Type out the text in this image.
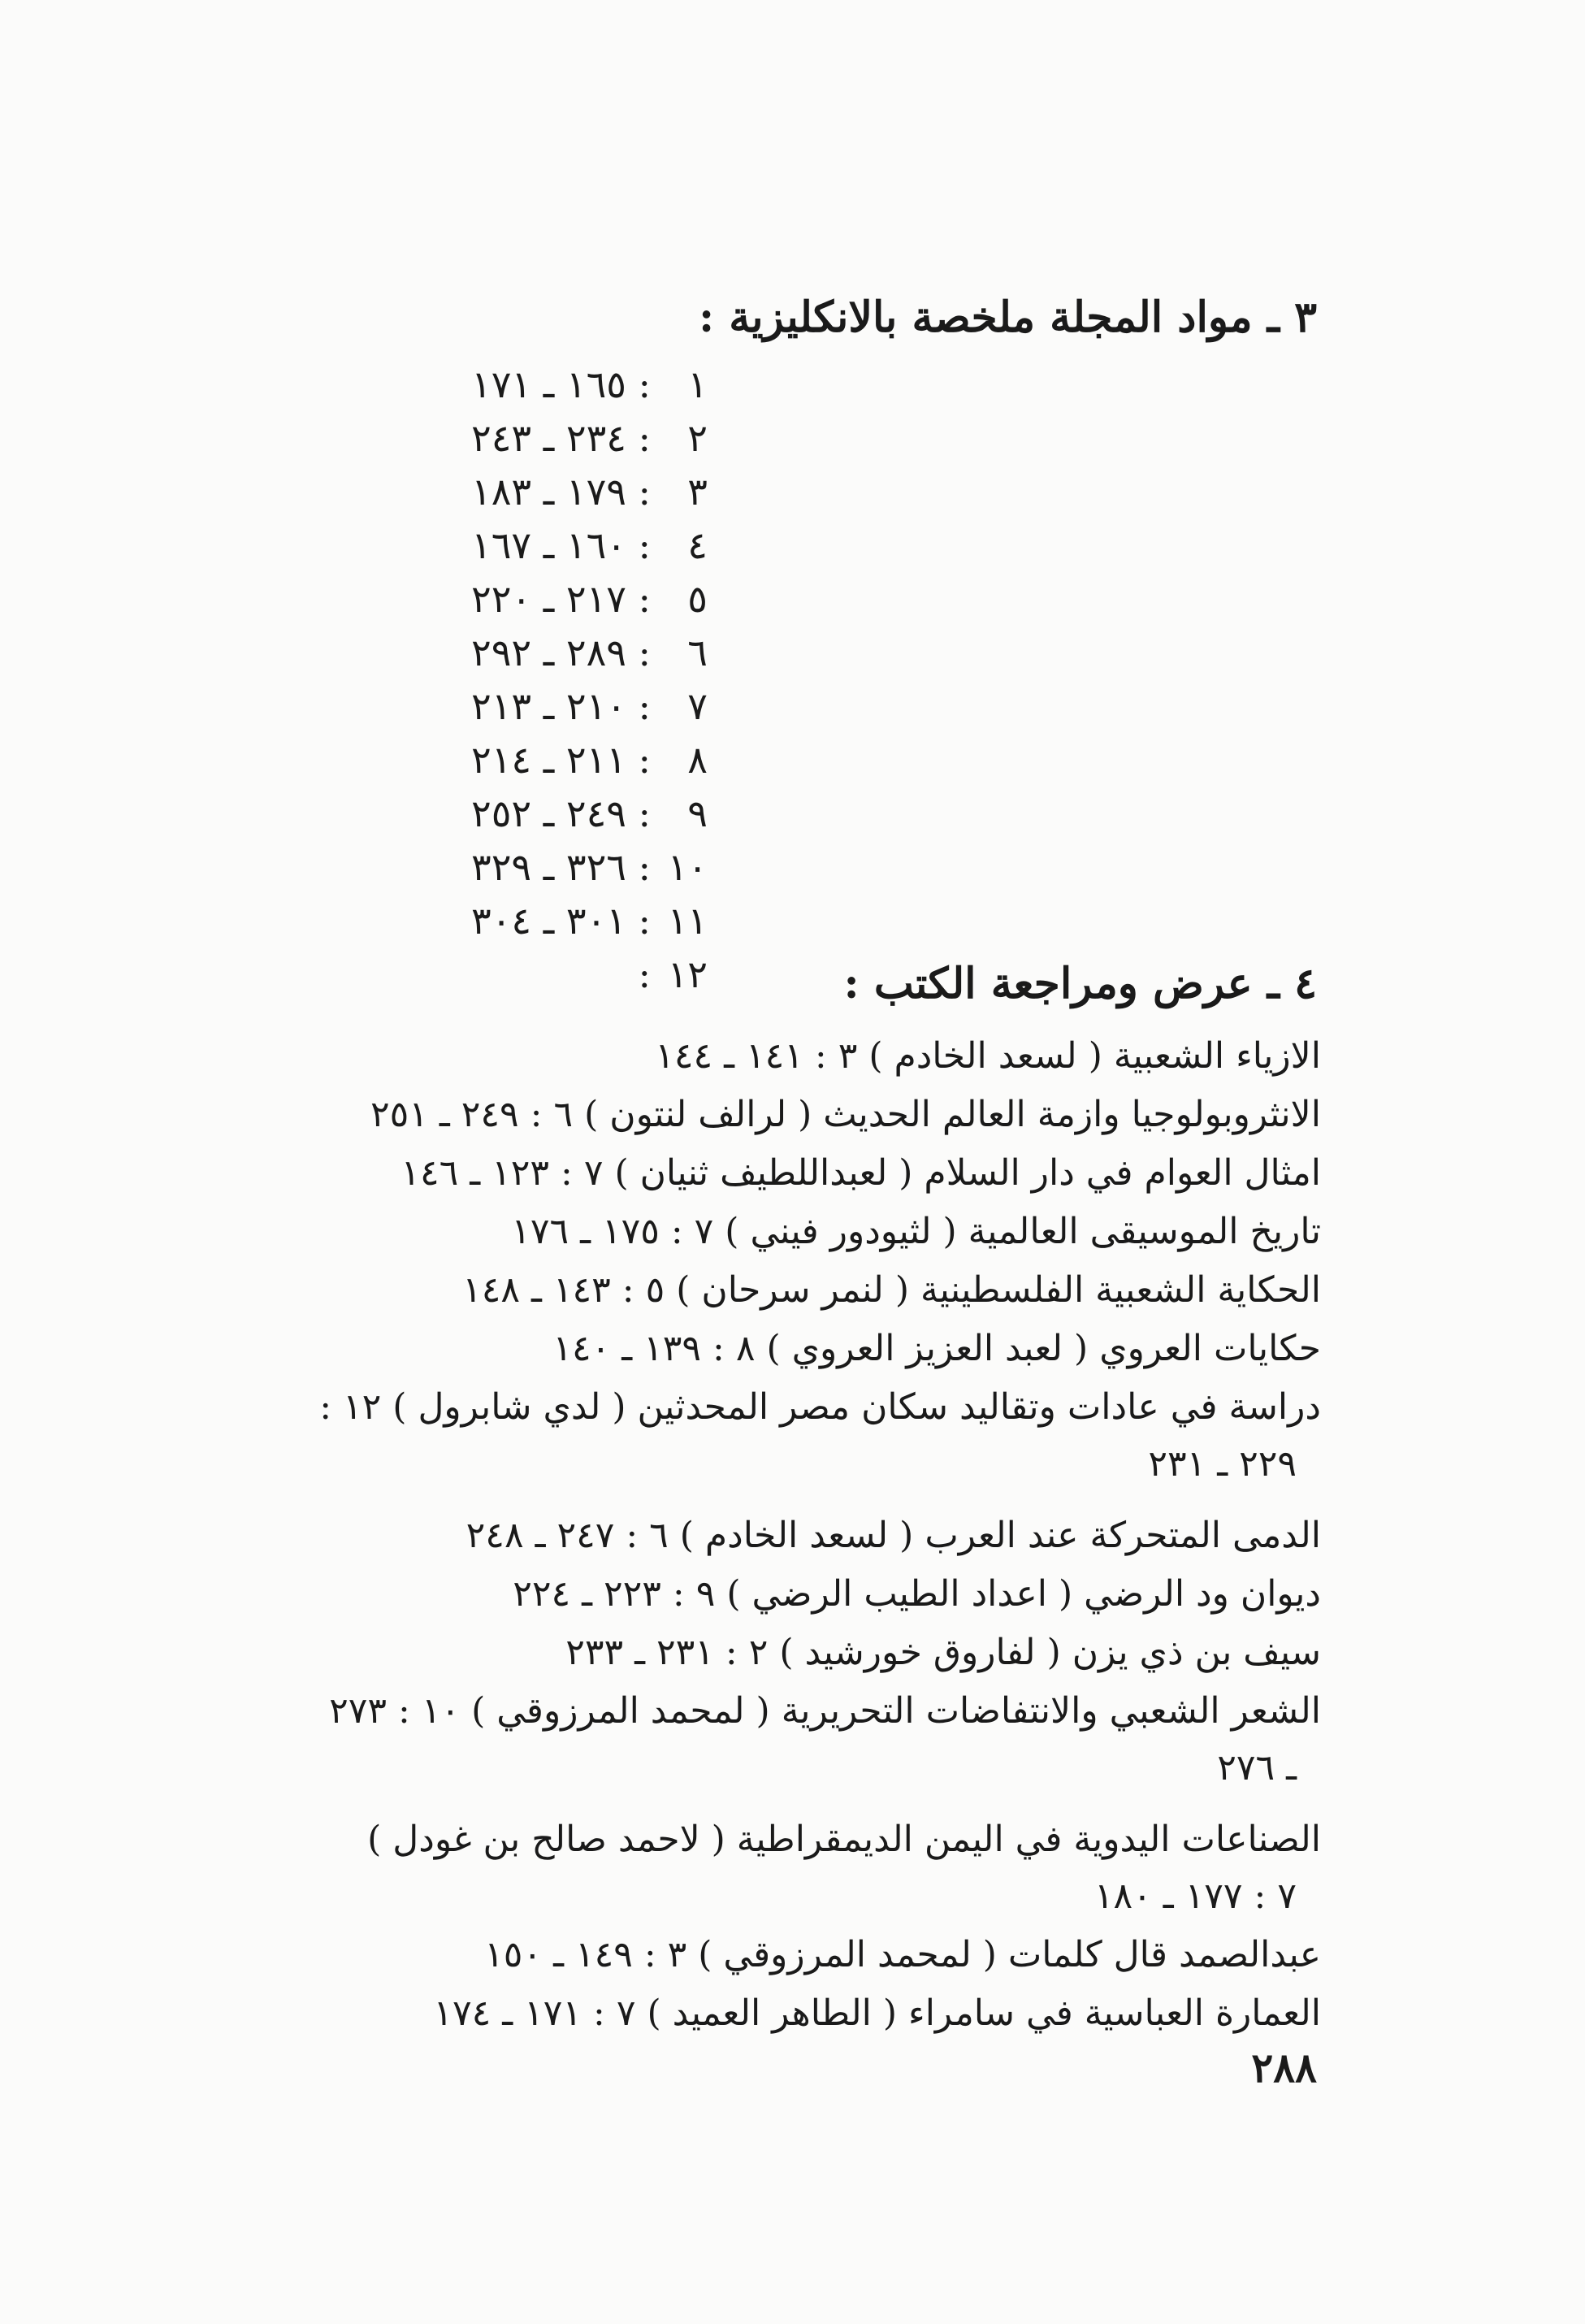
٣ ـ مواد المجلة ملخصة بالانكليزية :
١
:
١٦٥ ـ ١٧١
٢
:
٢٣٤ ـ ٢٤٣
٣
:
١٧٩ ـ ١٨٣
٤
:
١٦٠ ـ ١٦٧
٥
:
٢١٧ ـ ٢٢٠
٦
:
٢٨٩ ـ ٢٩٢
٧
:
٢١٠ ـ ٢١٣
٨
:
٢١١ ـ ٢١٤
٩
:
٢٤٩ ـ ٢٥٢
١٠
:
٣٢٦ ـ ٣٢٩
١١
:
٣٠١ ـ ٣٠٤
١٢
:	٤ ـ عرض ومراجعة الكتب :
الازياء الشعبية ( لسعد الخادم ) ٣ : ١٤١ ـ ١٤٤
الانثروبولوجيا وازمة العالم الحديث ( لرالف لنتون ) ٦ : ٢٤٩ ـ ٢٥١
امثال العوام في دار السلام ( لعبداللطيف ثنيان ) ٧ : ١٢٣ ـ ١٤٦
تاريخ الموسيقى العالمية ( لثيودور فيني ) ٧ : ١٧٥ ـ ١٧٦
الحكاية الشعبية الفلسطينية ( لنمر سرحان ) ٥ : ١٤٣ ـ ١٤٨
حكايات العروي ( لعبد العزيز العروي ) ٨ : ١٣٩ ـ ١٤٠
دراسة في عادات وتقاليد سكان مصر المحدثين ( لدي شابرول ) ١٢ :
٢٢٩ ـ ٢٣١
الدمى المتحركة عند العرب ( لسعد الخادم ) ٦ : ٢٤٧ ـ ٢٤٨
ديوان ود الرضي ( اعداد الطيب الرضي ) ٩ : ٢٢٣ ـ ٢٢٤
سيف بن ذي يزن ( لفاروق خورشيد ) ٢ : ٢٣١ ـ ٢٣٣
الشعر الشعبي والانتفاضات التحريرية ( لمحمد المرزوقي ) ١٠ : ٢٧٣
ـ ٢٧٦
الصناعات اليدوية في اليمن الديمقراطية ( لاحمد صالح بن غودل )
٧ : ١٧٧ ـ ١٨٠
عبدالصمد قال كلمات ( لمحمد المرزوقي ) ٣ : ١٤٩ ـ ١٥٠
العمارة العباسية في سامراء ( الطاهر العميد ) ٧ : ١٧١ ـ ١٧٤
٢٨٨
